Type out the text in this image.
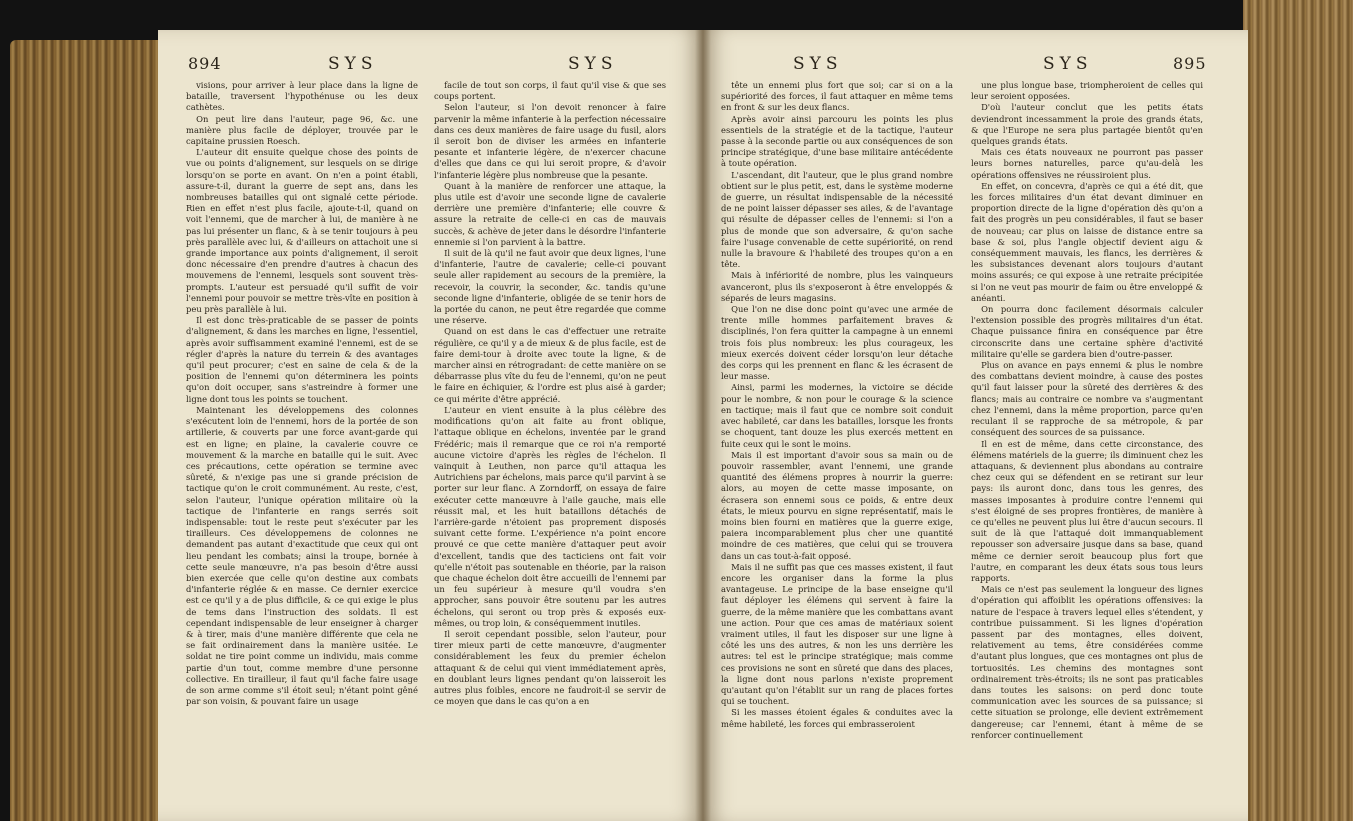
894	SYS	SYS

visions, pour arriver à leur place dans la ligne de bataille, traversent l'hypothénuse ou les deux cathètes.

On peut lire dans l'auteur, page 96, &c. une manière plus facile de déployer, trouvée par le capitaine prussien Roesch.

L'auteur dit ensuite quelque chose des points de vue ou points d'alignement, sur lesquels on se dirige lorsqu'on se porte en avant. On n'en a point établi, assure-t-il, durant la guerre de sept ans, dans les nombreuses batailles qui ont signalé cette période. Rien en effet n'est plus facile, ajoute-t-il, quand on voit l'ennemi, que de marcher à lui, de manière à ne pas lui présenter un flanc, & à se tenir toujours à peu près parallèle avec lui, & d'ailleurs on attachoit une si grande importance aux points d'alignement, il seroit donc nécessaire d'en prendre d'autres à chacun des mouvemens de l'ennemi, lesquels sont souvent très-prompts. L'auteur est persuadé qu'il suffit de voir l'ennemi pour pouvoir se mettre très-vîte en position à peu près parallèle à lui.

Il est donc très-praticable de se passer de points d'alignement, & dans les marches en ligne, l'essentiel, après avoir suffisamment examiné l'ennemi, est de se régler d'après la nature du terrein & des avantages qu'il peut procurer; c'est en saine de cela & de la position de l'ennemi qu'on déterminera les points qu'on doit occuper, sans s'astreindre à former une ligne dont tous les points se touchent.

Maintenant les développemens des colonnes s'exécutent loin de l'ennemi, hors de la portée de son artillerie, & couverts par une force avant-garde qui est en ligne; en plaine, la cavalerie couvre ce mouvement & la marche en bataille qui le suit. Avec ces précautions, cette opération se termine avec sûreté, & n'exige pas une si grande précision de tactique qu'on le croit communément. Au reste, c'est, selon l'auteur, l'unique opération militaire où la tactique de l'infanterie en rangs serrés soit indispensable: tout le reste peut s'exécuter par les tirailleurs. Ces développemens de colonnes ne demandent pas autant d'exactitude que ceux qui ont lieu pendant les combats; ainsi la troupe, bornée à cette seule manœuvre, n'a pas besoin d'être aussi bien exercée que celle qu'on destine aux combats d'infanterie réglée & en masse. Ce dernier exercice est ce qu'il y a de plus difficile, & ce qui exige le plus de tems dans l'instruction des soldats. Il est cependant indispensable de leur enseigner à charger & à tirer, mais d'une manière différente que cela ne se fait ordinairement dans la manière usitée. Le soldat ne tire point comme un individu, mais comme partie d'un tout, comme membre d'une personne collective. En tirailleur, il faut qu'il fache faire usage de son arme comme s'il étoit seul; n'étant point gêné par son voisin, & pouvant faire un usage

facile de tout son corps, il faut qu'il vise & que ses coups portent.

Selon l'auteur, si l'on devoit renoncer à faire parvenir la même infanterie à la perfection nécessaire dans ces deux manières de faire usage du fusil, alors il seroit bon de diviser les armées en infanterie pesante et infanterie légère, de n'exercer chacune d'elles que dans ce qui lui seroit propre, & d'avoir l'infanterie légère plus nombreuse que la pesante.

Quant à la manière de renforcer une attaque, la plus utile est d'avoir une seconde ligne de cavalerie derrière une première d'infanterie; elle couvre & assure la retraite de celle-ci en cas de mauvais succès, & achève de jeter dans le désordre l'infanterie ennemie si l'on parvient à la battre.

Il suit de là qu'il ne faut avoir que deux lignes, l'une d'infanterie, l'autre de cavalerie; celle-ci pouvant seule aller rapidement au secours de la première, la recevoir, la couvrir, la seconder, &c. tandis qu'une seconde ligne d'infanterie, obligée de se tenir hors de la portée du canon, ne peut être regardée que comme une réserve.

Quand on est dans le cas d'effectuer une retraite régulière, ce qu'il y a de mieux & de plus facile, est de faire demi-tour à droite avec toute la ligne, & de marcher ainsi en rétrogradant: de cette manière on se débarrasse plus vîte du feu de l'ennemi, qu'on ne peut le faire en échiquier, & l'ordre est plus aisé à garder; ce qui mérite d'être apprécié.

L'auteur en vient ensuite à la plus célèbre des modifications qu'on ait faite au front oblique, l'attaque oblique en échelons, inventée par le grand Frédéric; mais il remarque que ce roi n'a remporté aucune victoire d'après les règles de l'échelon. Il vainquit à Leuthen, non parce qu'il attaqua les Autrichiens par échelons, mais parce qu'il parvint à se porter sur leur flanc. A Zorndorff, on essaya de faire exécuter cette manœuvre à l'aile gauche, mais elle réussit mal, et les huit bataillons détachés de l'arrière-garde n'étoient pas proprement disposés suivant cette forme. L'expérience n'a point encore prouvé ce que cette manière d'attaquer peut avoir d'excellent, tandis que des tacticiens ont fait voir qu'elle n'étoit pas soutenable en théorie, par la raison que chaque échelon doit être accueilli de l'ennemi par un feu supérieur à mesure qu'il voudra s'en approcher, sans pouvoir être soutenu par les autres échelons, qui seront ou trop près & exposés eux-mêmes, ou trop loin, & conséquemment inutiles.

Il seroit cependant possible, selon l'auteur, pour tirer mieux parti de cette manœuvre, d'augmenter considérablement les feux du premier échelon attaquant & de celui qui vient immédiatement après, en doublant leurs lignes pendant qu'on laisseroit les autres plus foibles, encore ne faudroit-il se servir de ce moyen que dans le cas qu'on a en

SYS	SYS	895

tête un ennemi plus fort que soi; car si on a la supériorité des forces, il faut attaquer en même tems en front & sur les deux flancs.

Après avoir ainsi parcouru les points les plus essentiels de la stratégie et de la tactique, l'auteur passe à la seconde partie ou aux conséquences de son principe stratégique, d'une base militaire antécédente à toute opération.

L'ascendant, dit l'auteur, que le plus grand nombre obtient sur le plus petit, est, dans le système moderne de guerre, un résultat indispensable de la nécessité de ne point laisser dépasser ses ailes, & de l'avantage qui résulte de dépasser celles de l'ennemi: si l'on a plus de monde que son adversaire, & qu'on sache faire l'usage convenable de cette supériorité, on rend nulle la bravoure & l'habileté des troupes qu'on a en tête.

Mais à infériorité de nombre, plus les vainqueurs avanceront, plus ils s'exposeront à être enveloppés & séparés de leurs magasins.

Que l'on ne dise donc point qu'avec une armée de trente mille hommes parfaitement braves & disciplinés, l'on fera quitter la campagne à un ennemi trois fois plus nombreux: les plus courageux, les mieux exercés doivent céder lorsqu'on leur détache des corps qui les prennent en flanc & les écrasent de leur masse.

Ainsi, parmi les modernes, la victoire se décide pour le nombre, & non pour le courage & la science en tactique; mais il faut que ce nombre soit conduit avec habileté, car dans les batailles, lorsque les fronts se choquent, tant douze les plus exercés mettent en fuite ceux qui le sont le moins.

Mais il est important d'avoir sous sa main ou de pouvoir rassembler, avant l'ennemi, une grande quantité des élémens propres à nourrir la guerre: alors, au moyen de cette masse imposante, on écrasera son ennemi sous ce poids, & entre deux états, le mieux pourvu en signe représentatif, mais le moins bien fourni en matières que la guerre exige, paiera incomparablement plus cher une quantité moindre de ces matières, que celui qui se trouvera dans un cas tout-à-fait opposé.

Mais il ne suffit pas que ces masses existent, il faut encore les organiser dans la forme la plus avantageuse. Le principe de la base enseigne qu'il faut déployer les élémens qui servent à faire la guerre, de la même manière que les combattans avant une action. Pour que ces amas de matériaux soient vraiment utiles, il faut les disposer sur une ligne à côté les uns des autres, & non les uns derrière les autres: tel est le principe stratégique; mais comme ces provisions ne sont en sûreté que dans des places, la ligne dont nous parlons n'existe proprement qu'autant qu'on l'établit sur un rang de places fortes qui se touchent.

Si les masses étoient égales & conduites avec la même habileté, les forces qui embrasseroient

une plus longue base, triompheroient de celles qui leur seroient opposées.

D'où l'auteur conclut que les petits états deviendront incessamment la proie des grands états, & que l'Europe ne sera plus partagée bientôt qu'en quelques grands états.

Mais ces états nouveaux ne pourront pas passer leurs bornes naturelles, parce qu'au-delà les opérations offensives ne réussiroient plus.

En effet, on concevra, d'après ce qui a été dit, que les forces militaires d'un état devant diminuer en proportion directe de la ligne d'opération dès qu'on a fait des progrès un peu considérables, il faut se baser de nouveau; car plus on laisse de distance entre sa base & soi, plus l'angle objectif devient aigu & conséquemment mauvais, les flancs, les derrières & les subsistances devenant alors toujours d'autant moins assurés; ce qui expose à une retraite précipitée si l'on ne veut pas mourir de faim ou être enveloppé & anéanti.

On pourra donc facilement désormais calculer l'extension possible des progrès militaires d'un état. Chaque puissance finira en conséquence par être circonscrite dans une certaine sphère d'activité militaire qu'elle se gardera bien d'outre-passer.

Plus on avance en pays ennemi & plus le nombre des combattans devient moindre, à cause des postes qu'il faut laisser pour la sûreté des derrières & des flancs; mais au contraire ce nombre va s'augmentant chez l'ennemi, dans la même proportion, parce qu'en reculant il se rapproche de sa métropole, & par conséquent des sources de sa puissance.

Il en est de même, dans cette circonstance, des élémens matériels de la guerre; ils diminuent chez les attaquans, & deviennent plus abondans au contraire chez ceux qui se défendent en se retirant sur leur pays: ils auront donc, dans tous les genres, des masses imposantes à produire contre l'ennemi qui s'est éloigné de ses propres frontières, de manière à ce qu'elles ne peuvent plus lui être d'aucun secours. Il suit de là que l'attaqué doit immanquablement repousser son adversaire jusque dans sa base, quand même ce dernier seroit beaucoup plus fort que l'autre, en comparant les deux états sous tous leurs rapports.

Mais ce n'est pas seulement la longueur des lignes d'opération qui affoiblit les opérations offensives: la nature de l'espace à travers lequel elles s'étendent, y contribue puissamment. Si les lignes d'opération passent par des montagnes, elles doivent, relativement au tems, être considérées comme d'autant plus longues, que ces montagnes ont plus de tortuosités. Les chemins des montagnes sont ordinairement très-étroits; ils ne sont pas praticables dans toutes les saisons: on perd donc toute communication avec les sources de sa puissance; si cette situation se prolonge, elle devient extrêmement dangereuse; car l'ennemi, étant à même de se renforcer continuellement
